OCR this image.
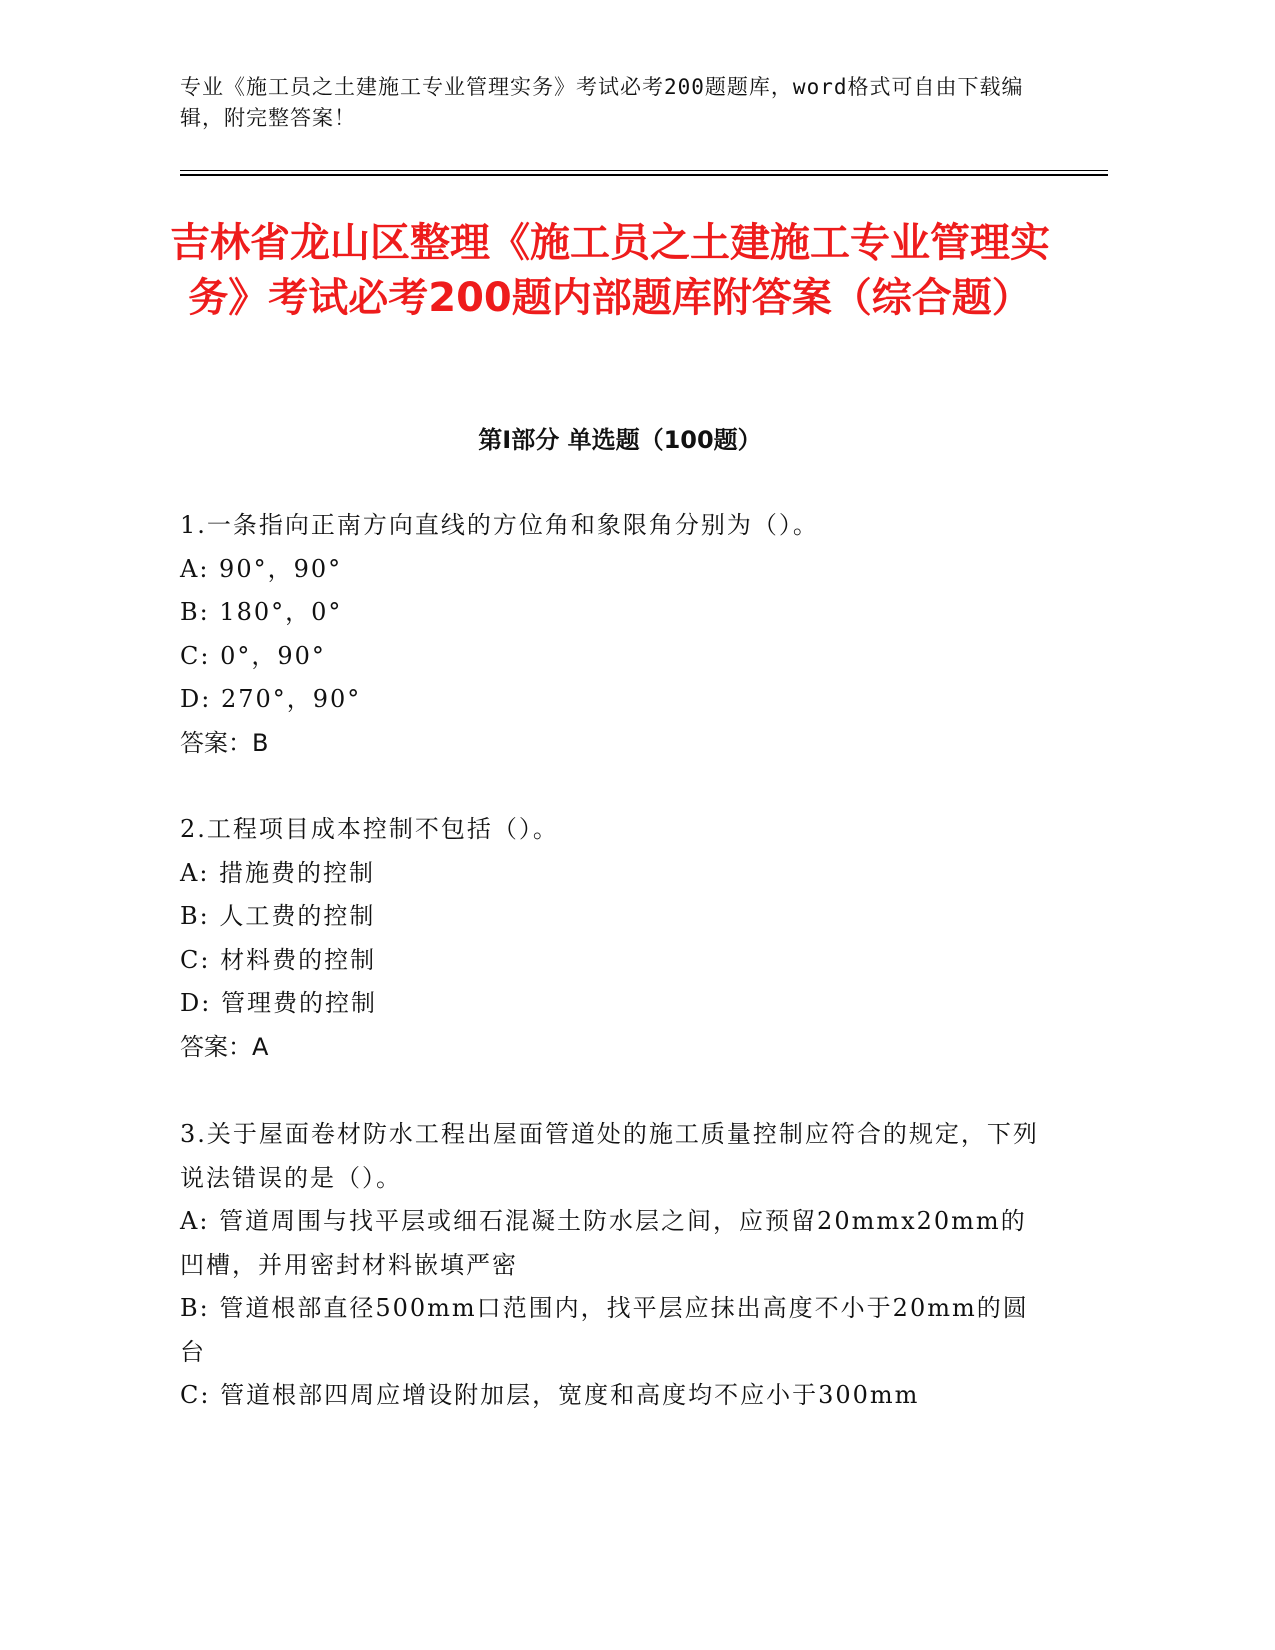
专业《施工员之土建施工专业管理实务》考试必考200题题库，word格式可自由下载编辑，附完整答案！
吉林省龙山区整理《施工员之土建施工专业管理实务》考试必考200题内部题库附答案（综合题）
第Ⅰ部分 单选题（100题）

1.一条指向正南方向直线的方位角和象限角分别为（）。

A: 90°，90°

B: 180°，0°

C: 0°，90°

D: 270°，90°

答案：B

2.工程项目成本控制不包括（）。

A: 措施费的控制

B: 人工费的控制

C: 材料费的控制

D: 管理费的控制

答案：A

3.关于屋面卷材防水工程出屋面管道处的施工质量控制应符合的规定，下列说法错误的是（）。

A: 管道周围与找平层或细石混凝土防水层之间，应预留20mmx20mm的凹槽，并用密封材料嵌填严密

B: 管道根部直径500mm口范围内，找平层应抹出高度不小于20mm的圆台

C: 管道根部四周应增设附加层，宽度和高度均不应小于300mm
